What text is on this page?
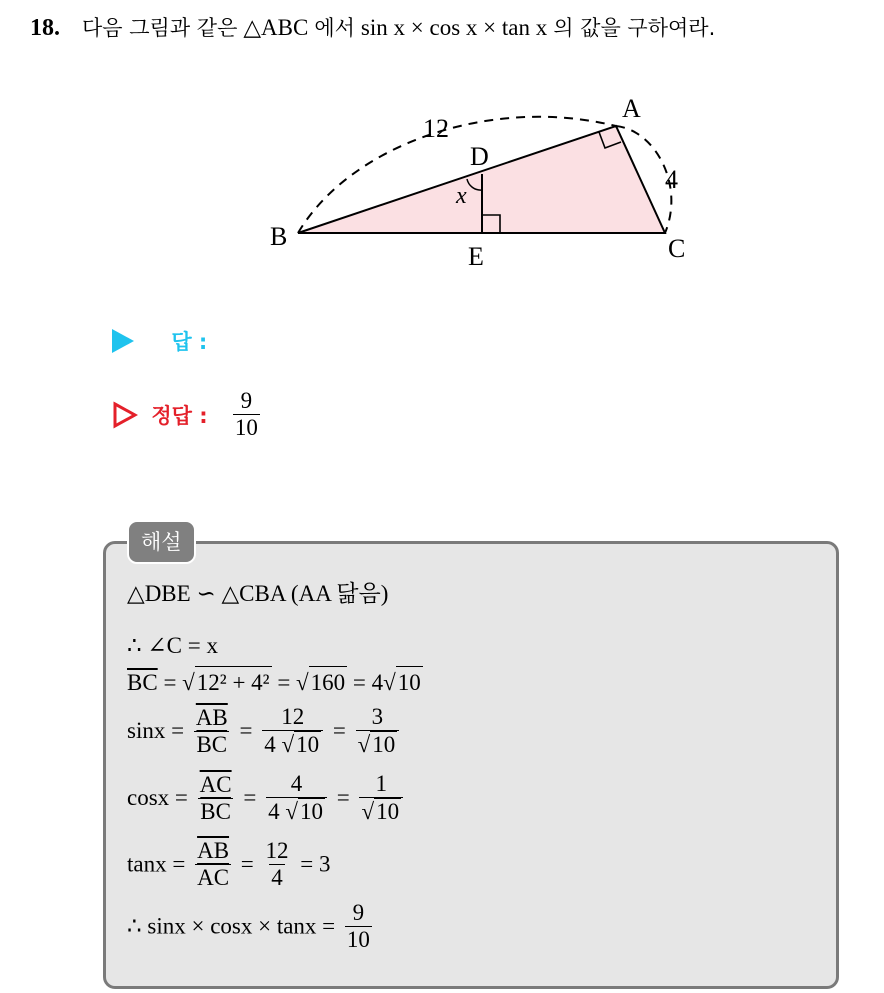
18. 다음 그림과 같은 △ABC 에서 sin x × cos x × tan x 의 값을 구하여라.
A
B	C
D
E
x
12
4
답 :
정답 : $\frac{9}{10}$
해설
△DBE ∽ △CBA (AA 닮음)
∴ ∠C = x
$\overline{BC} = √12^2 + 4^2 = √160 = 4√10$
$\sin x = \frac{\overline{AB}}{BC} = \frac{12}{4 √10} = \frac{3}{√10}$
$\cos x = \frac{\overline{AC}}{BC} = \frac{4}{4 √10} = \frac{1}{√10}$
$\tan x = \frac{\overline{AB}}{AC} = \frac{12}{4} = 3$
∴ $\sin x \times \cos x \times \tan x = \frac{9}{10}$
